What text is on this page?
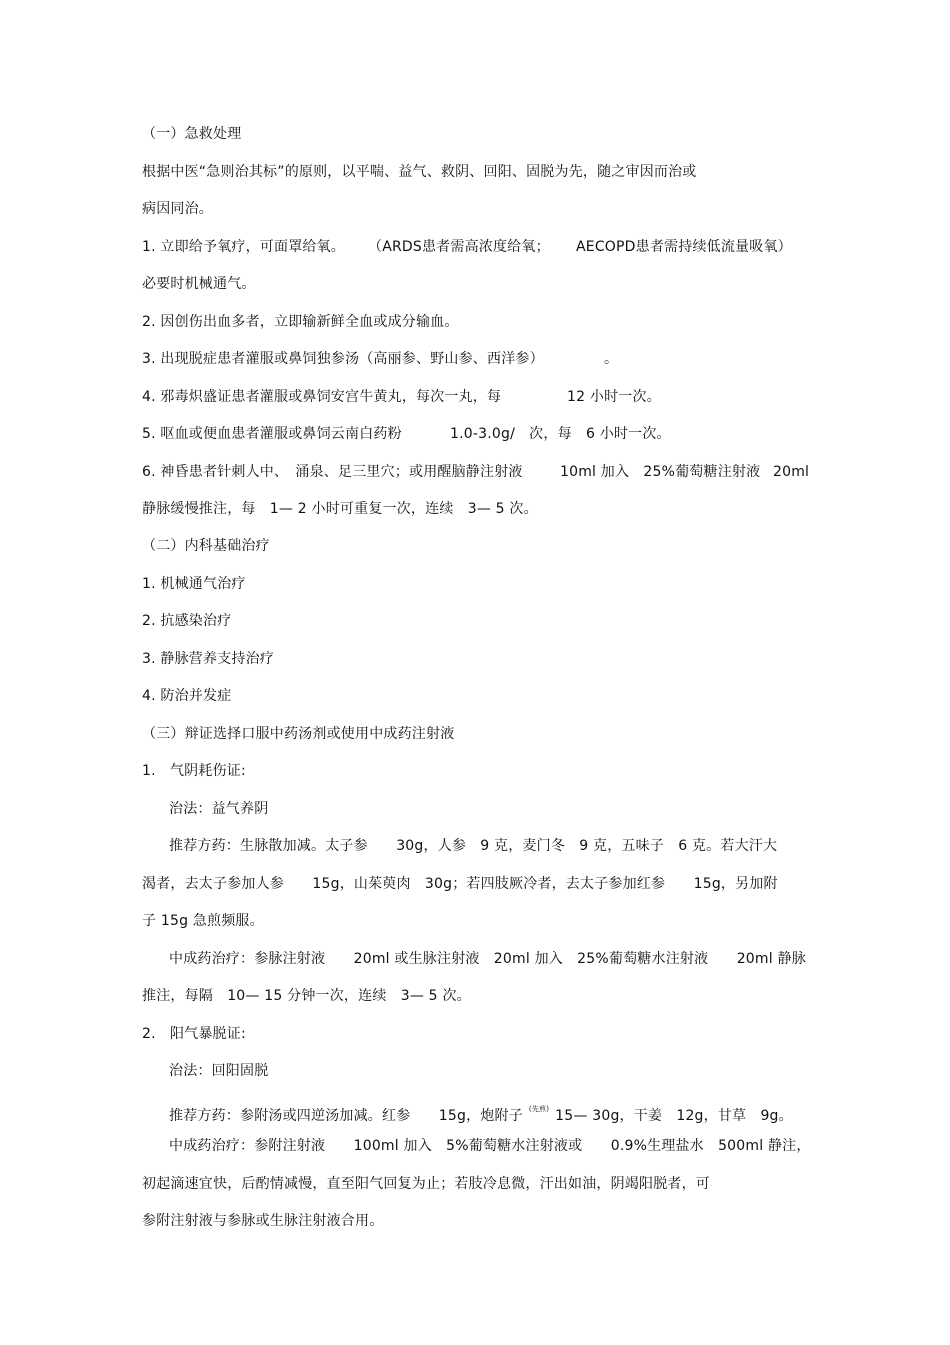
（一）急救处理
根据中医“急则治其标”的原则，以平喘、益气、救阴、回阳、固脱为先，随之审因而治或
病因同治。
1. 立即给予氧疗，可面罩给氧。 （ARDS患者需高浓度给氧； AECOPD患者需持续低流量吸氧）
必要时机械通气。
2. 因创伤出血多者，立即输新鲜全血或成分输血。
3. 出现脱症患者灌服或鼻饲独参汤（高丽参、野山参、西洋参）	。
4. 邪毒炽盛证患者灌服或鼻饲安宫牛黄丸，每次一丸，每	12 小时一次。
5. 呕血或便血患者灌服或鼻饲云南白药粉	1.0-3.0g/　次，每　6 小时一次。
6. 神昏患者针刺人中、　涌泉、足三里穴；或用醒脑静注射液	10ml 加入　25%葡萄糖注射液 20ml
静脉缓慢推注，每　1— 2 小时可重复一次，连续　3— 5 次。
（二）内科基础治疗
1. 机械通气治疗
2. 抗感染治疗
3. 静脉营养支持治疗
4. 防治并发症
（三）辩证选择口服中药汤剂或使用中成药注射液
1.　气阴耗伤证:
治法：益气养阴
推荐方药：生脉散加减。太子参　　30g，人参　9 克，麦门冬　9 克，五味子　6 克。若大汗大
渴者，去太子参加人参　　15g，山茱萸肉　30g；若四肢厥冷者，去太子参加红参　　15g，另加附
子 15g 急煎频服。
中成药治疗：参脉注射液　　20ml 或生脉注射液　20ml 加入　25%葡萄糖水注射液　　20ml 静脉
推注，每隔　10— 15 分钟一次，连续　3— 5 次。
2.　阳气暴脱证:
治法：回阳固脱
推荐方药：参附汤或四逆汤加减。红参　　15g，炮附子 $^{(先煎)}$ 15— 30g，干姜　12g，甘草　9g。
中成药治疗：参附注射液　　100ml 加入　5%葡萄糖水注射液或　　0.9%生理盐水　500ml 静注，
初起滴速宜快，后酌情减慢，直至阳气回复为止；若肢冷息微，汗出如油，阴竭阳脱者，可
参附注射液与参脉或生脉注射液合用。
